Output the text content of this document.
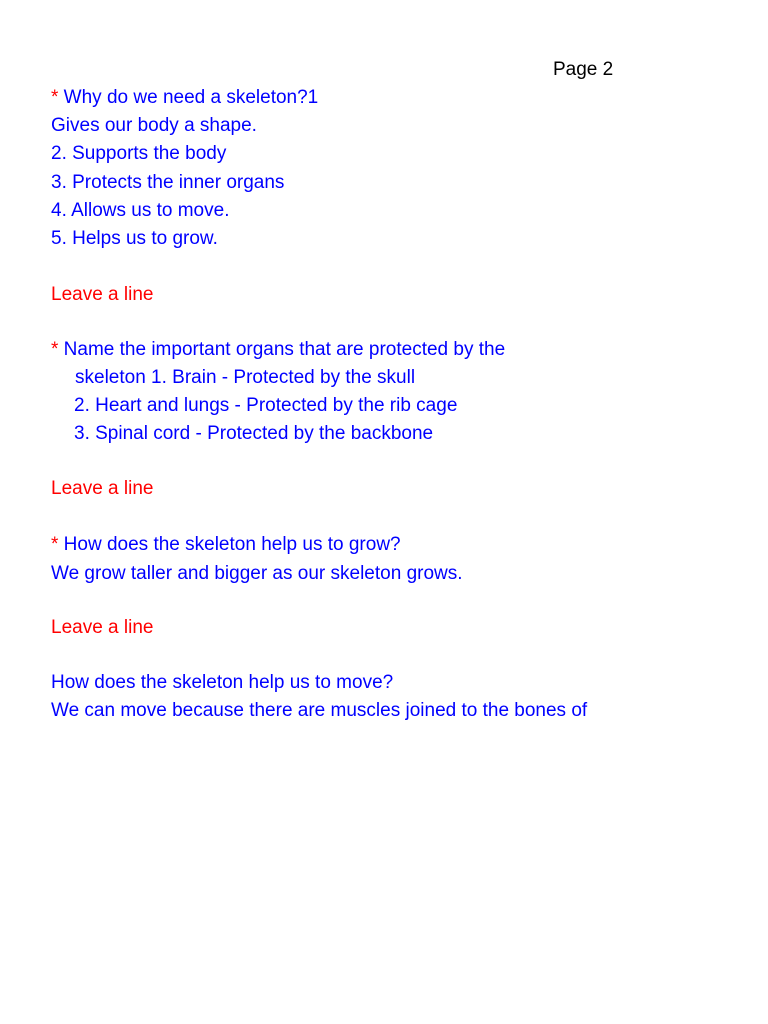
Page 2
* Why do we need a skeleton?1
Gives our body a shape.
2. Supports the body
3. Protects the inner organs
4. Allows us to move.
5. Helps us to grow.
Leave a line
* Name the important organs that are protected by the
skeleton 1. Brain - Protected by the skull
2. Heart and lungs - Protected by the rib cage
3. Spinal cord - Protected by the backbone
Leave a line
* How does the skeleton help us to grow?
We grow taller and bigger as our skeleton grows.
Leave a line
How does the skeleton help us to move?
We can move because there are muscles joined to the bones of
